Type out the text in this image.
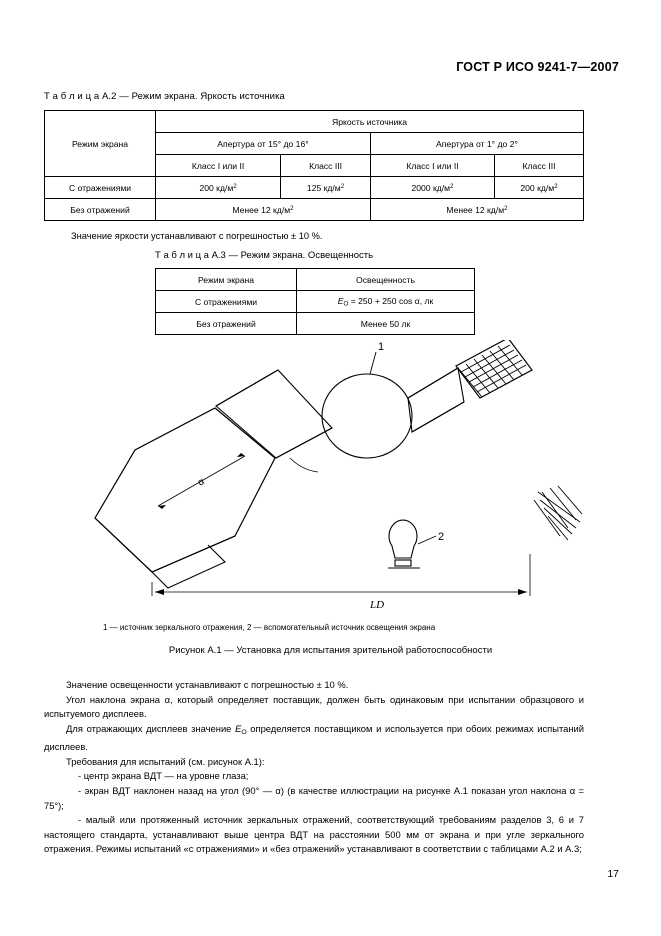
ГОСТ Р ИСО 9241-7—2007
Т а б л и ц а А.2 — Режим экрана. Яркость источника
Режим экрана	Яркость источника			
	Апертура от 15° до 16°		Апертура от 1° до 2°	
	Класс I или II	Класс III	Класс I или II	Класс III
С отражениями	200 $кд/м^2$	125 $кд/м^2$	2000 $кд/м^2$	200 $кд/м^2$
Без отражений	Менее 12 $кд/м^2$		Менее 12 $кд/м^2$
Значение яркости устанавливают с погрешностью ± 10 %.
Т а б л и ц а А.3 — Режим экрана. Освещенность
Режим экрана	Освещенность
С отражениями	$E_O = 250 + 250$ cos α, лк
Без отражений	Менее 50 лк
1
2
α
LD
1 — источник зеркального отражения, 2 — вспомогательный источник освещения экрана
Рисунок А.1 — Установка для испытания зрительной работоспособности

Значение освещенности устанавливают с погрешностью ± 10 %.

Угол наклона экрана α, который определяет поставщик, должен быть одинаковым при испытании образцового и испытуемого дисплеев.

Для отражающих дисплеев значение $E_O$ определяется поставщиком и используется при обоих режимах испытаний дисплеев.

Требования для испытаний (см. рисунок А.1):

- центр экрана ВДТ — на уровне глаза;

- экран ВДТ наклонен назад на угол (90° — α) (в качестве иллюстрации на рисунке А.1 показан угол наклона α = 75°);

- малый или протяженный источник зеркальных отражений, соответствующий требованиям разделов 3, 6 и 7 настоящего стандарта, устанавливают выше центра ВДТ на расстоянии 500 мм от экрана и при угле зеркального отражения. Режимы испытаний «с отражениями» и «без отражений» устанавливают в соответствии с таблицами А.2 и А.3;

17
